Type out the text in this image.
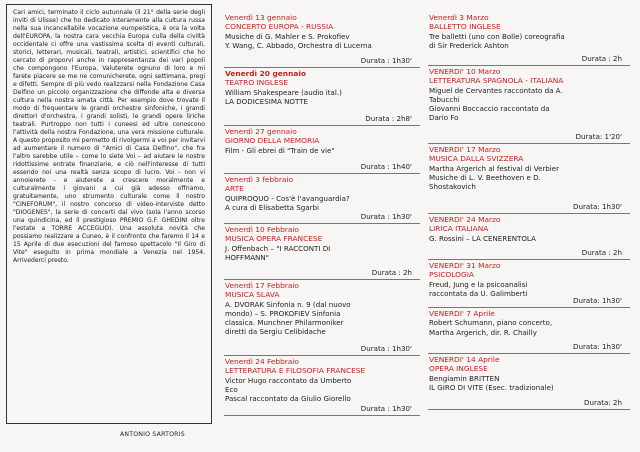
Cari amici, terminato il ciclo autunnale (il 21° della serie degli inviti di Ulisse) che ho dedicato interamente alla cultura russa nella sua incancellabile vocazione europeistica, è ora la volta dell'EUROPA, la nostra cara vecchia Europa culla della civiltà occidentale ci offre una vastissima scelta di eventi culturali, storici, letterari, musicali, teatrali, artistici, scientifici che ho cercato di proporvi anche in rappresentanza dei vari popoli che compongono l'Europa. Valuterete ognuno di loro e mi farete piacere se me ne comunicherete, ogni settimana, pregi e difetti. Sempre di più vedo realizzarsi nella Fondazione Casa Delfino un piccolo organizzazione che diffonde alta e diversa cultura nella nostra amata città. Per esempio dove trovate il modo di frequentare le grandi orchestre sinfoniche, i grandi direttori d'orchestra, i grandi solisti, le grandi opere liriche teatrali. Purtroppo non tutti i cuneesi ed ultre conoscono l'attività della nostra Fondazione, una vera missione culturale. A questo proposito mi permetto di rivolgermi a voi per invitarvi ad aumentare il numero di "Amici di Casa Delfino", che fra l'altro sarebbe utile – come lo siete Voi – ad aiutare le nostre ridottissime entrate finanziarie, e ciò nell'interesse di tutti essendo noi una realtà senza scopo di lucro. Voi - non vi annoierete - e aiuterete a crescere moralmente e culturalmente i giovani a cui già adesso offriamo, gratuitamente, uno strumento culturale come il nostro "CINEFORUM", il nostro concorso di video-interviste detto "DIOGENES", la serie di concerti dal vivo (sola l'anno scorso una quindicina, ed il prestigioso PREMIO G.F. GHEDINI oltre l'estate a TORRE ACCEGLIO). Una assoluta novità che possiamo realizzare a Cuneo, è il confronto che faremo il 14 e 15 Aprile di due esecuzioni del famoso spettacolo "Il Giro di Vite" eseguito in prima mondiale a Venezia nel 1954. Arrivederci presto.

ANTONIO SARTORIS
Venerdì 13 gennaio
CONCERTO EUROPA - RUSSIA
Musiche di G. Mahler e S. Prokofiev
Y. Wang, C. Abbado, Orchestra di Lucerna
Durata : 1h30'
Venerdì 20 gennaio
TEATRO INGLESE
William Shakespeare (audio ital.)
LA DODICESIMA NOTTE
Durata : 2h8'
Venerdì 27 gennaio
GIORNO DELLA MEMORIA
Film - Gli ebrei di "Train de vie"
Durata : 1h40'
Venerdì 3 febbraio
ARTE
QUIPROQUO - Cos'è l'avanguardia?
A cura di Elisabetta Sgarbi
Durata : 1h30'
Venerdì 10 Febbraio
MUSICA OPERA FRANCESE
J. Offenbach – "I RACCONTI DI
HOFFMANN"
Durata : 2h
Venerdì 17 Febbraio
MUSICA SLAVA
A. DVORAK Sinfonia n. 9 (dal nuovo
mondo) – S. PROKOFIEV Sinfonia
classica. Munchner Philarmoniker
diretti da Sergiu Celibidache
Durata : 1h30'
Venerdì 24 Febbraio
LETTERATURA E FILOSOFIA FRANCESE
Victor Hugo raccontato da Umberto
Eco
Pascal raccontato da Giulio Giorello
Durata : 1h30'
Venerdì 3 Marzo
BALLETTO INGLESE
Tre balletti (uno con Bolle) coreografia
di Sir Frederick Ashton
Durata : 2h
VENERDI' 10 Marzo
LETTERATURA SPAGNOLA - ITALIANA
Miguel de Cervantes raccontato da A.
Tabucchi
Giovanni Boccaccio raccontato da
Dario Fo
Durata: 1'20'
VENERDI' 17 Marzo
MUSICA DALLA SVIZZERA
Martha Argerich al festival di Verbier
Musiche di L. V. Beethoven e D.
Shostakovich
Durata: 1h30'
VENERDI' 24 Marzo
LIRICA ITALIANA
G. Rossini – LA CENERENTOLA
Durata : 2h
VENERDI' 31 Marzo
PSICOLOGIA
Freud, Jung e la psicoanalisi
raccontata da U. Galimberti
Durata: 1h30'
VENERDI' 7 Aprile
Robert Schumann, piano concerto,
Martha Argerich, dir. R. Chailly
Durata: 1h30'
VENERDI' 14 Aprile
OPERA INGLESE
Bengiamin BRITTEN
IL GIRO DI VITE (Esec. tradizionale)
Durata: 2h
